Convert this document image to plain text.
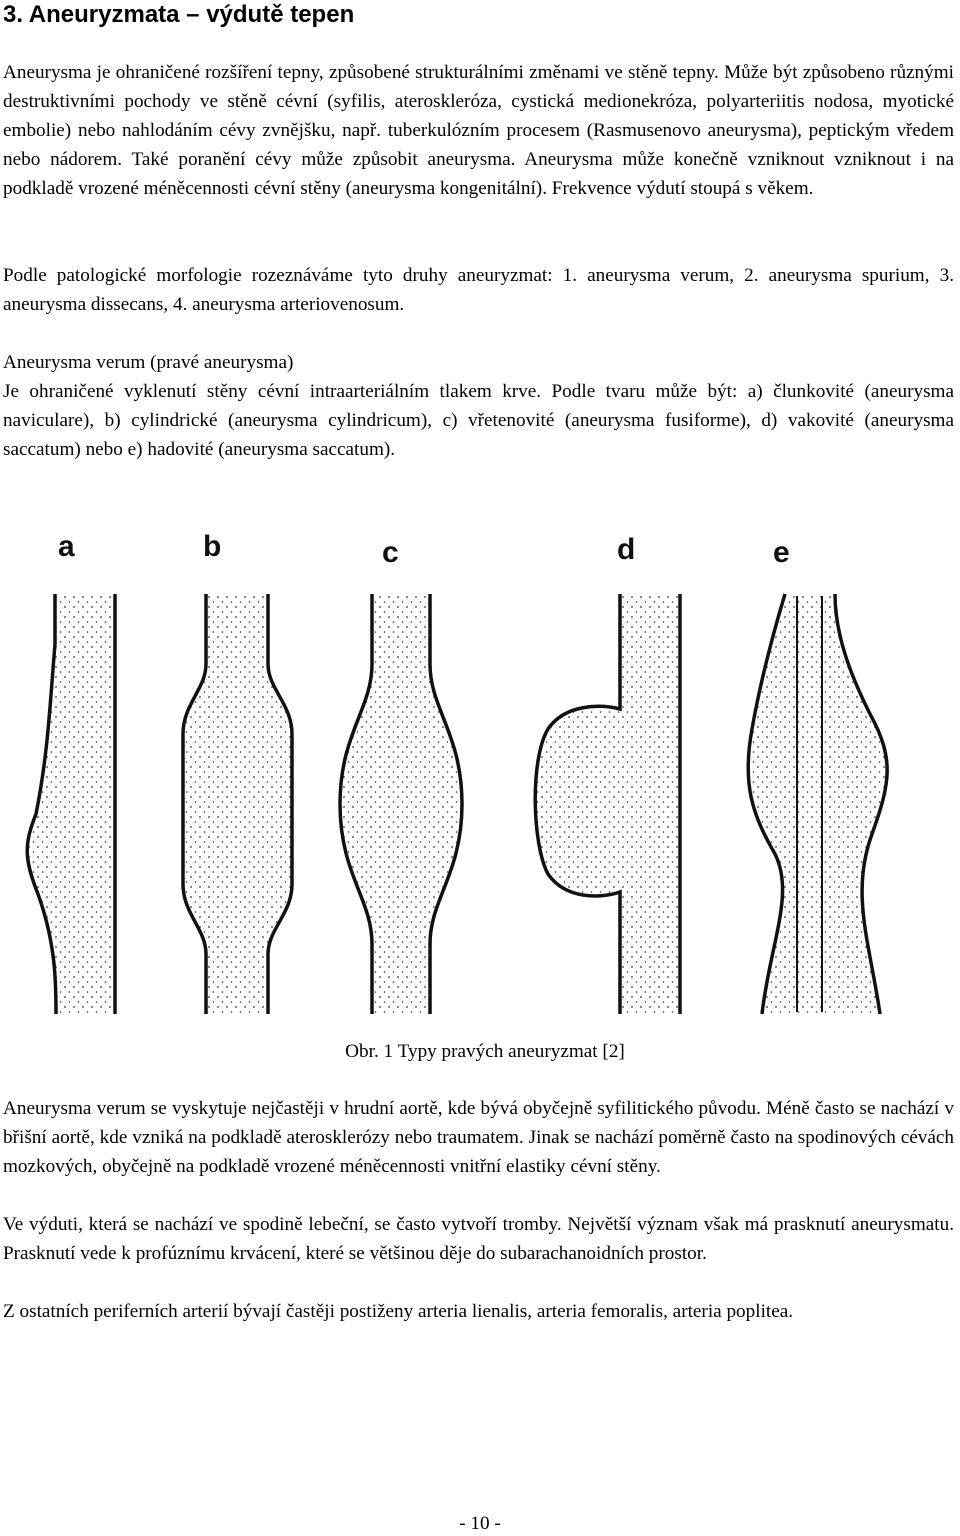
3. Aneuryzmata – výdutě tepen

Aneurysma je ohraničené rozšíření tepny, způsobené strukturálními změnami ve stěně tepny. Může být způsobeno různými destruktivními pochody ve stěně cévní (syfilis, ateroskleróza, cystická medionekróza, polyarteriitis nodosa, myotické embolie) nebo nahlodáním cévy zvnějšku, např. tuberkulózním procesem (Rasmusenovo aneurysma), peptickým vředem nebo nádorem. Také poranění cévy může způsobit aneurysma. Aneurysma může konečně vzniknout vzniknout i na podkladě vrozené méněcennosti cévní stěny (aneurysma kongenitální). Frekvence výdutí stoupá s věkem.

Podle patologické morfologie rozeznáváme tyto druhy aneuryzmat: 1. aneurysma verum, 2. aneurysma spurium, 3. aneurysma dissecans, 4. aneurysma arteriovenosum.

Aneurysma verum (pravé aneurysma)

Je ohraničené vyklenutí stěny cévní intraarteriálním tlakem krve. Podle tvaru může být: a) člunkovité (aneurysma naviculare), b) cylindrické (aneurysma cylindricum), c) vřetenovité (aneurysma fusiforme), d) vakovité (aneurysma saccatum) nebo e) hadovité (aneurysma saccatum).

a	b	c	d	e

Obr. 1 Typy pravých aneuryzmat [2]

Aneurysma verum se vyskytuje nejčastěji v hrudní aortě, kde bývá obyčejně syfilitického původu. Méně často se nachází v břišní aortě, kde vzniká na podkladě aterosklerózy nebo traumatem. Jinak se nachází poměrně často na spodinových cévách mozkových, obyčejně na podkladě vrozené méněcennosti vnitřní elastiky cévní stěny.

Ve výduti, která se nachází ve spodině lebeční, se často vytvoří tromby. Největší význam však má prasknutí aneurysmatu. Prasknutí vede k profúznímu krvácení, které se většinou děje do subarachanoidních prostor.

Z ostatních periferních arterií bývají častěji postiženy arteria lienalis, arteria femoralis, arteria poplitea.

- 10 -
